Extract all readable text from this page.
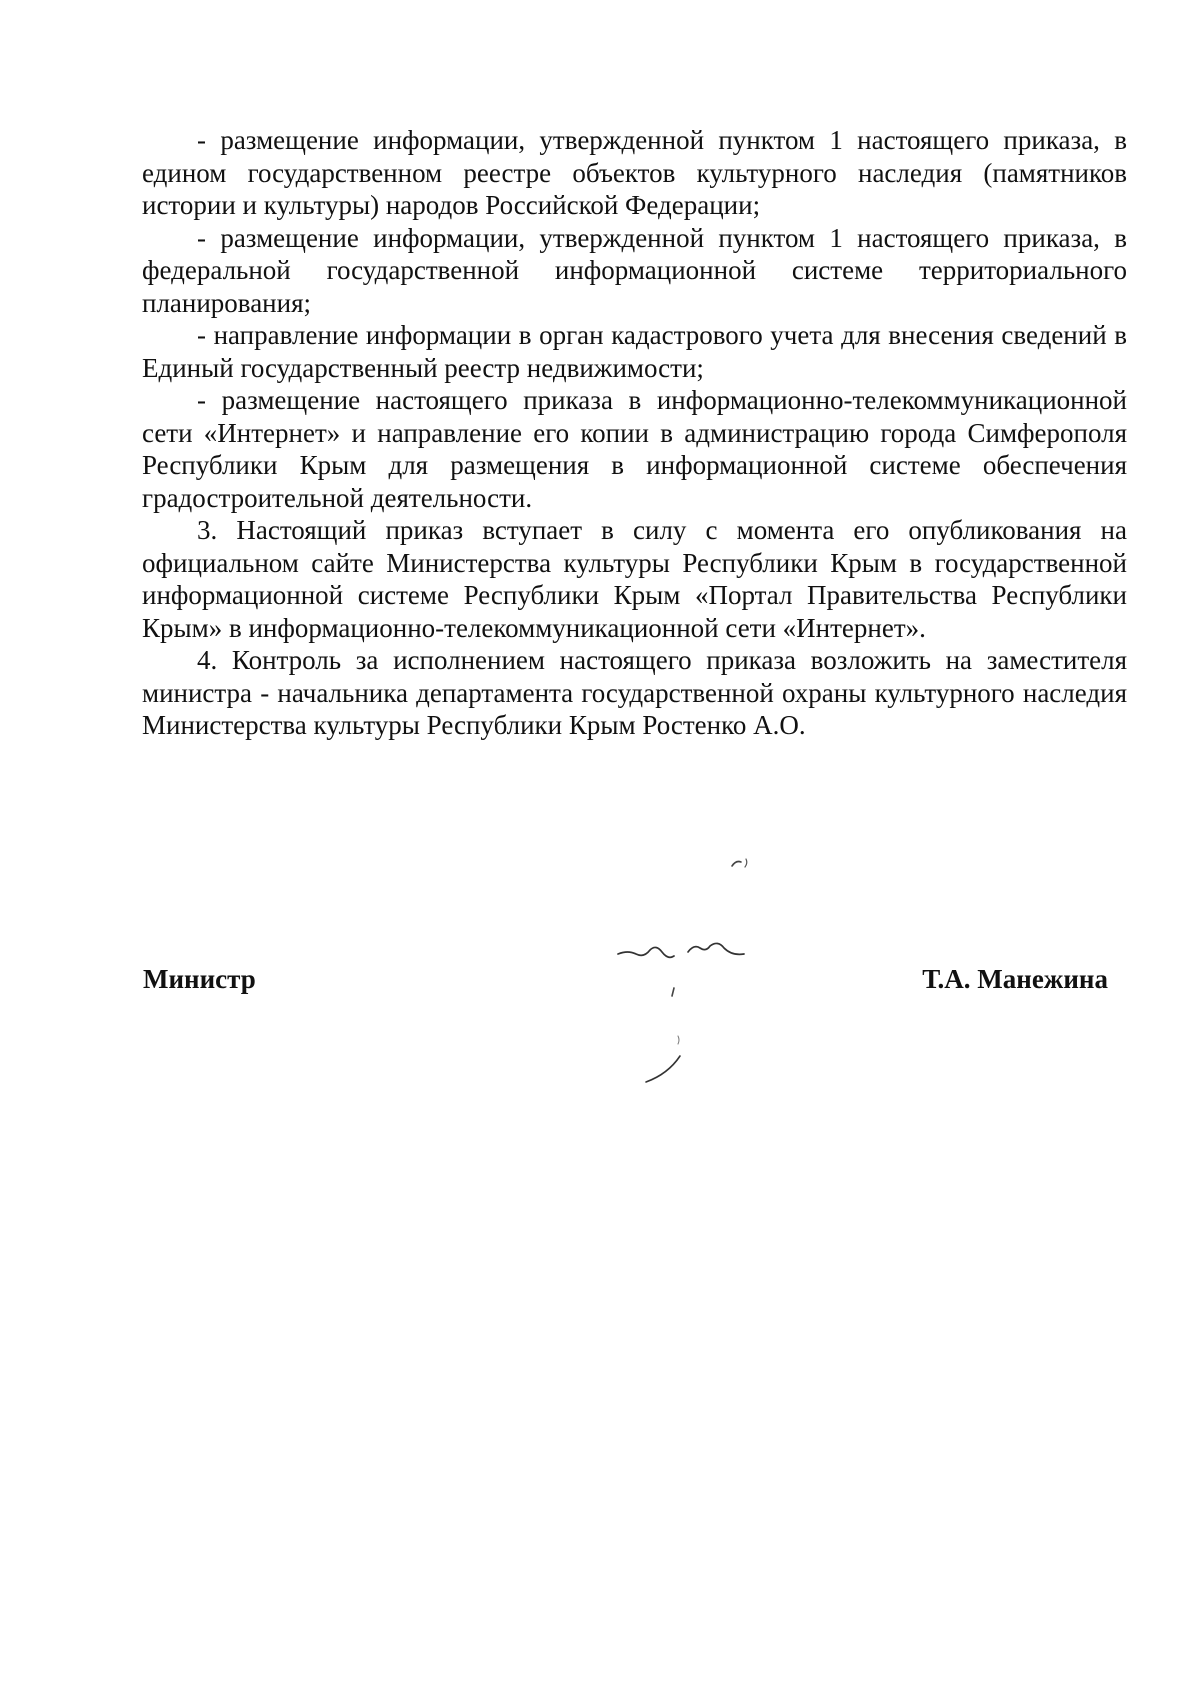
- размещение информации, утвержденной пунктом 1 настоящего приказа, в едином государственном реестре объектов культурного наследия (памятников истории и культуры) народов Российской Федерации;

- размещение информации, утвержденной пунктом 1 настоящего приказа, в федеральной государственной информационной системе территориального планирования;

- направление информации в орган кадастрового учета для внесения сведений в Единый государственный реестр недвижимости;

- размещение настоящего приказа в информационно-телекоммуникационной сети «Интернет» и направление его копии в администрацию города Симферополя Республики Крым для размещения в информационной системе обеспечения градостроительной деятельности.

3. Настоящий приказ вступает в силу с момента его опубликования на официальном сайте Министерства культуры Республики Крым в государственной информационной системе Республики Крым «Портал Правительства Республики Крым» в информационно-телекоммуникационной сети «Интернет».

4. Контроль за исполнением настоящего приказа возложить на заместителя министра - начальника департамента государственной охраны культурного наследия Министерства культуры Республики Крым Ростенко А.О.

Министр	Т.А. Манежина
